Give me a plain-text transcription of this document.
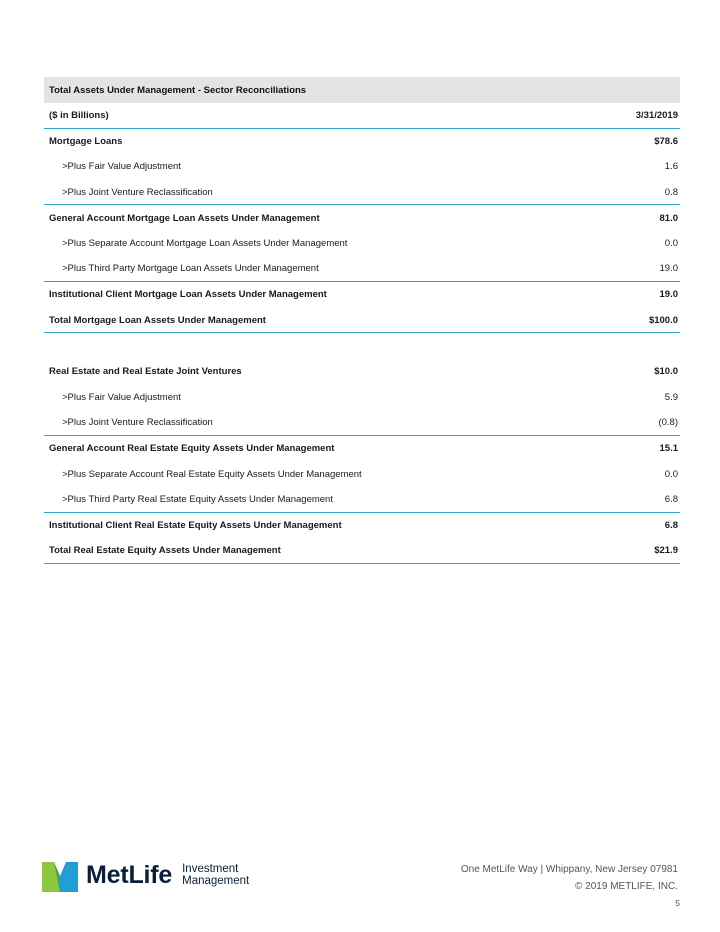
Total Assets Under Management - Sector Reconciliations
($ in Billions)	3/31/2019
Mortgage Loans	$78.6
>Plus Fair Value Adjustment	1.6
>Plus Joint Venture Reclassification	0.8
General Account Mortgage Loan Assets Under Management	81.0
>Plus Separate Account Mortgage Loan Assets Under Management	0.0
>Plus Third Party Mortgage Loan Assets Under Management	19.0
Institutional Client Mortgage Loan Assets Under Management	19.0
Total Mortgage Loan Assets Under Management	$100.0
Real Estate and Real Estate Joint Ventures	$10.0
>Plus Fair Value Adjustment	5.9
>Plus Joint Venture Reclassification	(0.8)
General Account Real Estate Equity Assets Under Management	15.1
>Plus Separate Account Real Estate Equity Assets Under Management	0.0
>Plus Third Party Real Estate Equity Assets Under Management	6.8
Institutional Client Real Estate Equity Assets Under Management	6.8
Total Real Estate Equity Assets Under Management	$21.9
MetLife Investment
Management
One MetLife Way | Whippany, New Jersey 07981
© 2019 METLIFE, INC.
5
